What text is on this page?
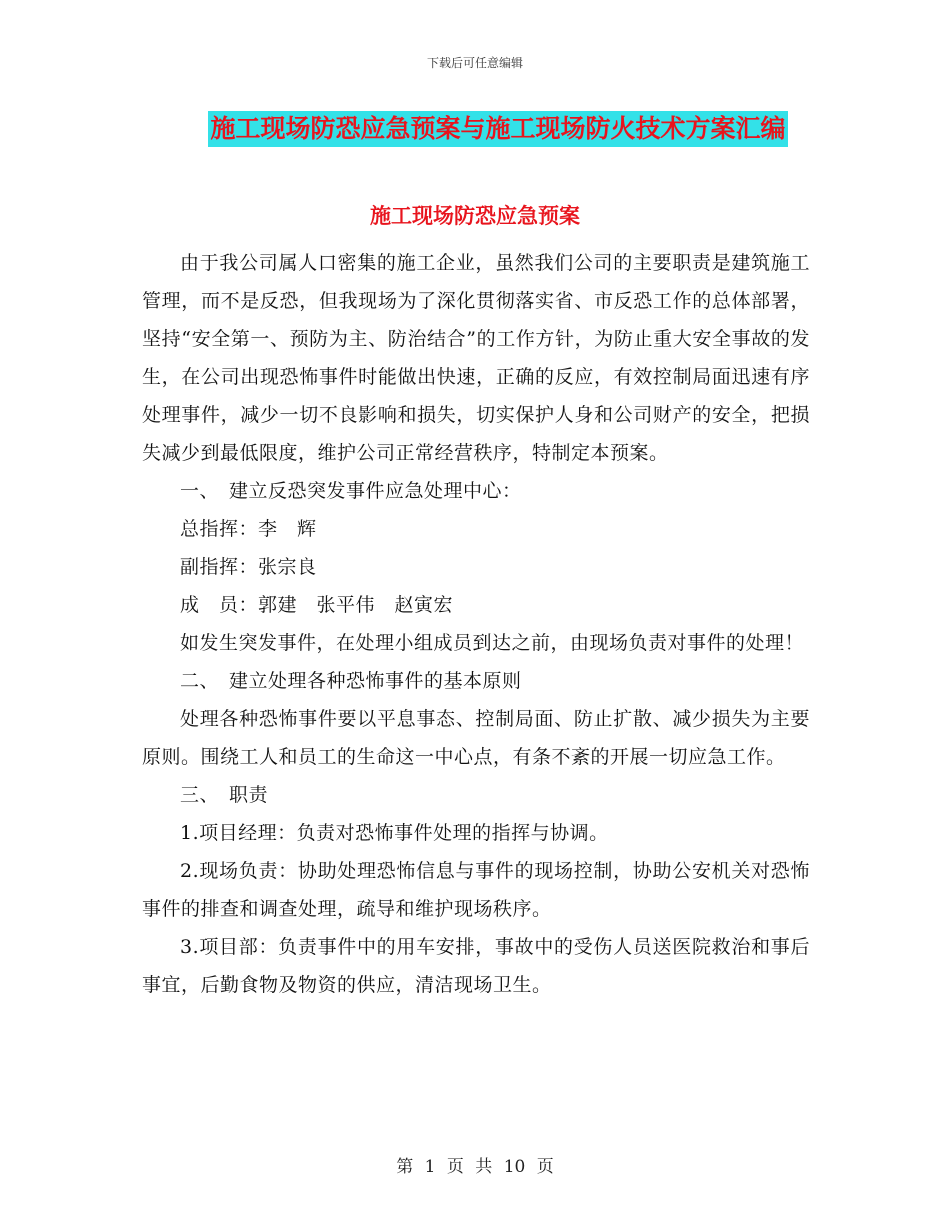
下载后可任意编辑
施工现场防恐应急预案与施工现场防火技术方案汇编
施工现场防恐应急预案

由于我公司属人口密集的施工企业，虽然我们公司的主要职责是建筑施工管理，而不是反恐，但我现场为了深化贯彻落实省、市反恐工作的总体部署，坚持“安全第一、预防为主、防治结合”的工作方针，为防止重大安全事故的发生，在公司出现恐怖事件时能做出快速，正确的反应，有效控制局面迅速有序处理事件，减少一切不良影响和损失，切实保护人身和公司财产的安全，把损失减少到最低限度，维护公司正常经营秩序，特制定本预案。

一、　建立反恐突发事件应急处理中心：

总指挥：李　辉

副指挥：张宗良

成　员：郭建　张平伟　赵寅宏

如发生突发事件，在处理小组成员到达之前，由现场负责对事件的处理！

二、　建立处理各种恐怖事件的基本原则

处理各种恐怖事件要以平息事态、控制局面、防止扩散、减少损失为主要原则。围绕工人和员工的生命这一中心点，有条不紊的开展一切应急工作。

三、　职责

1.项目经理：负责对恐怖事件处理的指挥与协调。

2.现场负责：协助处理恐怖信息与事件的现场控制，协助公安机关对恐怖事件的排查和调查处理，疏导和维护现场秩序。

3.项目部：负责事件中的用车安排，事故中的受伤人员送医院救治和事后事宜，后勤食物及物资的供应，清洁现场卫生。

第 1 页 共 10 页
